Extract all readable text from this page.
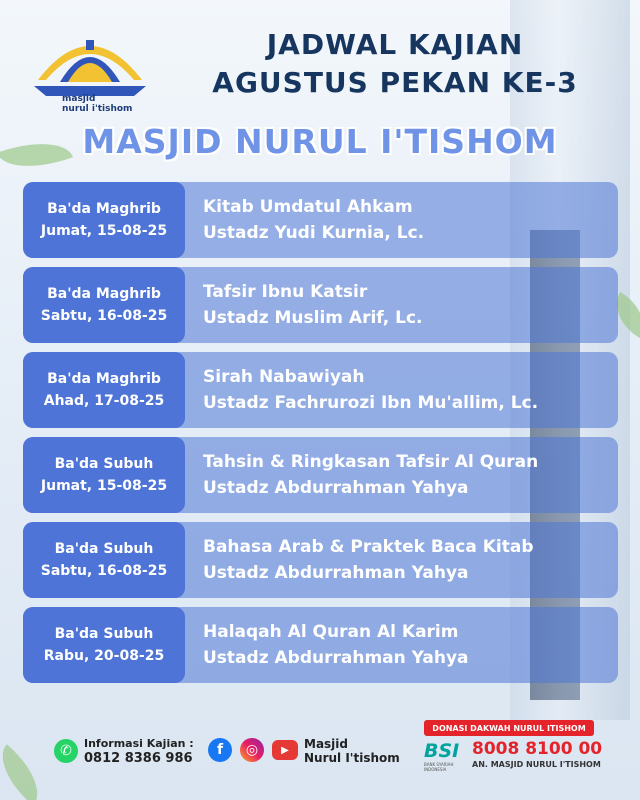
masjid
nurul i'tishom
JADWAL KAJIAN
AGUSTUS PEKAN KE-3
MASJID NURUL I'TISHOM
Ba'da Maghrib
Jumat, 15-08-25
Kitab Umdatul Ahkam
Ustadz Yudi Kurnia, Lc.
Ba'da Maghrib
Sabtu, 16-08-25
Tafsir Ibnu Katsir
Ustadz Muslim Arif, Lc.
Ba'da Maghrib
Ahad, 17-08-25
Sirah Nabawiyah
Ustadz Fachrurozi Ibn Mu'allim, Lc.
Ba'da Subuh
Jumat, 15-08-25
Tahsin & Ringkasan Tafsir Al Quran
Ustadz Abdurrahman Yahya
Ba'da Subuh
Sabtu, 16-08-25
Bahasa Arab & Praktek Baca Kitab
Ustadz Abdurrahman Yahya
Ba'da Subuh
Rabu, 20-08-25
Halaqah Al Quran Al Karim
Ustadz Abdurrahman Yahya
✆	Informasi Kajian :
0812 8386 986
f	◎	▶	Masjid
Nurul I'tishom
DONASI DAKWAH NURUL ITISHOM
BSI
BANK SYARIAH INDONESIA
8008 8100 00
AN. MASJID NURUL I'TISHOM
